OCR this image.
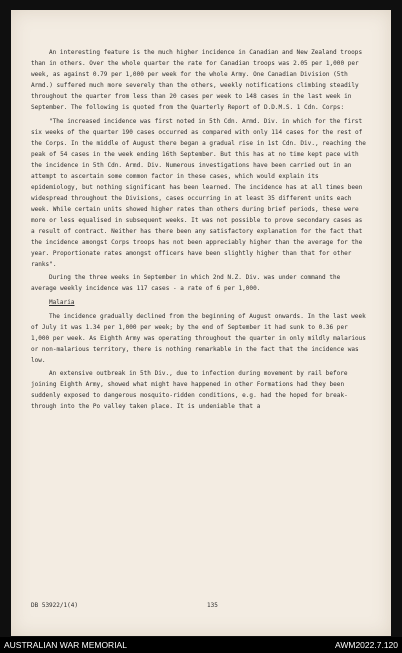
An interesting feature is the much higher incidence in Canadian and New Zealand troops than in others. Over the whole quarter the rate for Canadian troops was 2.05 per 1,000 per week, as against 0.79 per 1,000 per week for the whole Army. One Canadian Division (5th Armd.) suffered much more severely than the others, weekly notifications climbing steadily throughout the quarter from less than 20 cases per week to 148 cases in the last week in September. The following is quoted from the Quarterly Report of D.D.M.S. 1 Cdn. Corps:

"The increased incidence was first noted in 5th Cdn. Armd. Div. in which for the first six weeks of the quarter 190 cases occurred as compared with only 114 cases for the rest of the Corps. In the middle of August there began a gradual rise in 1st Cdn. Div., reaching the peak of 54 cases in the week ending 16th September. But this has at no time kept pace with the incidence in 5th Cdn. Armd. Div. Numerous investigations have been carried out in an attempt to ascertain some common factor in these cases, which would explain its epidemiology, but nothing significant has been learned. The incidence has at all times been widespread throughout the Divisions, cases occurring in at least 35 different units each week. While certain units showed higher rates than others during brief periods, these were more or less equalised in subsequent weeks. It was not possible to prove secondary cases as a result of contract. Neither has there been any satisfactory explanation for the fact that the incidence amongst Corps troops has not been appreciably higher than the average for the year. Proportionate rates amongst officers have been slightly higher than that for other ranks".

During the three weeks in September in which 2nd N.Z. Div. was under command the average weekly incidence was 117 cases - a rate of 6 per 1,000.

Malaria

The incidence gradually declined from the beginning of August onwards. In the last week of July it was 1.34 per 1,000 per week; by the end of September it had sunk to 0.36 per 1,000 per week. As Eighth Army was operating throughout the quarter in only mildly malarious or non-malarious territory, there is nothing remarkable in the fact that the incidence was low.

An extensive outbreak in 5th Div., due to infection during movement by rail before joining Eighth Army, showed what might have happened in other Formations had they been suddenly exposed to dangerous mosquito-ridden conditions, e.g. had the hoped for break-through into the Po valley taken place. It is undeniable that a

DB 53922/1(4)	135
AUSTRALIAN WAR MEMORIAL	AWM2022.7.120
